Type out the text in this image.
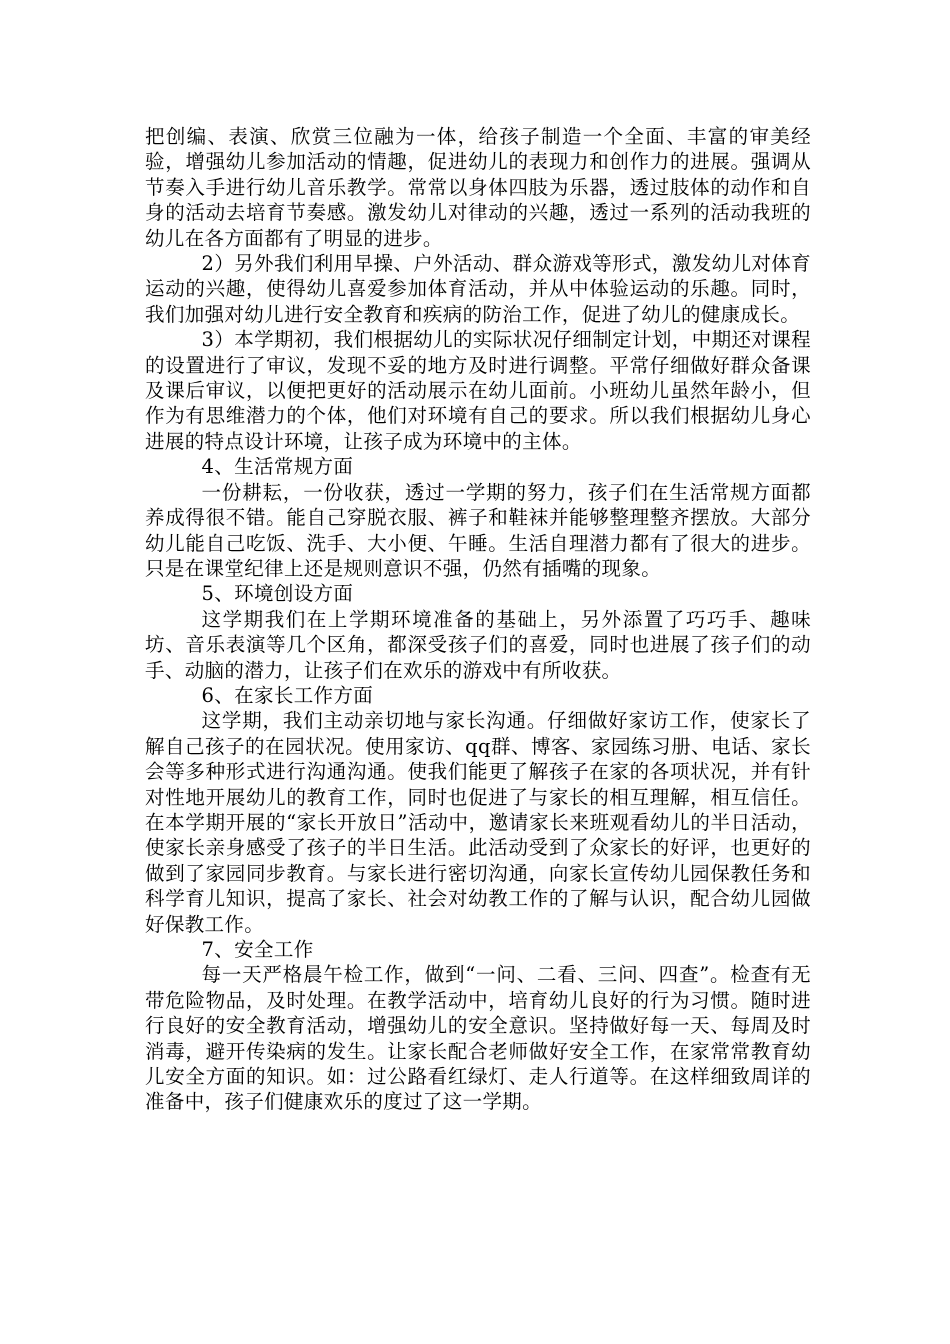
把创编、表演、欣赏三位融为一体，给孩子制造一个全面、丰富的审美经验，增强幼儿参加活动的情趣，促进幼儿的表现力和创作力的进展。强调从节奏入手进行幼儿音乐教学。常常以身体四肢为乐器，透过肢体的动作和自身的活动去培育节奏感。激发幼儿对律动的兴趣，透过一系列的活动我班的幼儿在各方面都有了明显的进步。

2）另外我们利用早操、户外活动、群众游戏等形式，激发幼儿对体育运动的兴趣，使得幼儿喜爱参加体育活动，并从中体验运动的乐趣。同时，我们加强对幼儿进行安全教育和疾病的防治工作，促进了幼儿的健康成长。

3）本学期初，我们根据幼儿的实际状况仔细制定计划，中期还对课程的设置进行了审议，发现不妥的地方及时进行调整。平常仔细做好群众备课及课后审议，以便把更好的活动展示在幼儿面前。小班幼儿虽然年龄小，但作为有思维潜力的个体，他们对环境有自己的要求。所以我们根据幼儿身心进展的特点设计环境，让孩子成为环境中的主体。

4、生活常规方面

一份耕耘，一份收获，透过一学期的努力，孩子们在生活常规方面都养成得很不错。能自己穿脱衣服、裤子和鞋袜并能够整理整齐摆放。大部分幼儿能自己吃饭、洗手、大小便、午睡。生活自理潜力都有了很大的进步。只是在课堂纪律上还是规则意识不强，仍然有插嘴的现象。

5、环境创设方面

这学期我们在上学期环境准备的基础上，另外添置了巧巧手、趣味坊、音乐表演等几个区角，都深受孩子们的喜爱，同时也进展了孩子们的动手、动脑的潜力，让孩子们在欢乐的游戏中有所收获。

6、在家长工作方面

这学期，我们主动亲切地与家长沟通。仔细做好家访工作，使家长了解自己孩子的在园状况。使用家访、qq群、博客、家园练习册、电话、家长会等多种形式进行沟通沟通。使我们能更了解孩子在家的各项状况，并有针对性地开展幼儿的教育工作，同时也促进了与家长的相互理解，相互信任。在本学期开展的“家长开放日”活动中，邀请家长来班观看幼儿的半日活动，使家长亲身感受了孩子的半日生活。此活动受到了众家长的好评，也更好的做到了家园同步教育。与家长进行密切沟通，向家长宣传幼儿园保教任务和科学育儿知识，提高了家长、社会对幼教工作的了解与认识，配合幼儿园做好保教工作。

7、安全工作

每一天严格晨午检工作，做到“一问、二看、三问、四查”。检查有无带危险物品，及时处理。在教学活动中，培育幼儿良好的行为习惯。随时进行良好的安全教育活动，增强幼儿的安全意识。坚持做好每一天、每周及时消毒，避开传染病的发生。让家长配合老师做好安全工作，在家常常教育幼儿安全方面的知识。如：过公路看红绿灯、走人行道等。在这样细致周详的准备中，孩子们健康欢乐的度过了这一学期。
